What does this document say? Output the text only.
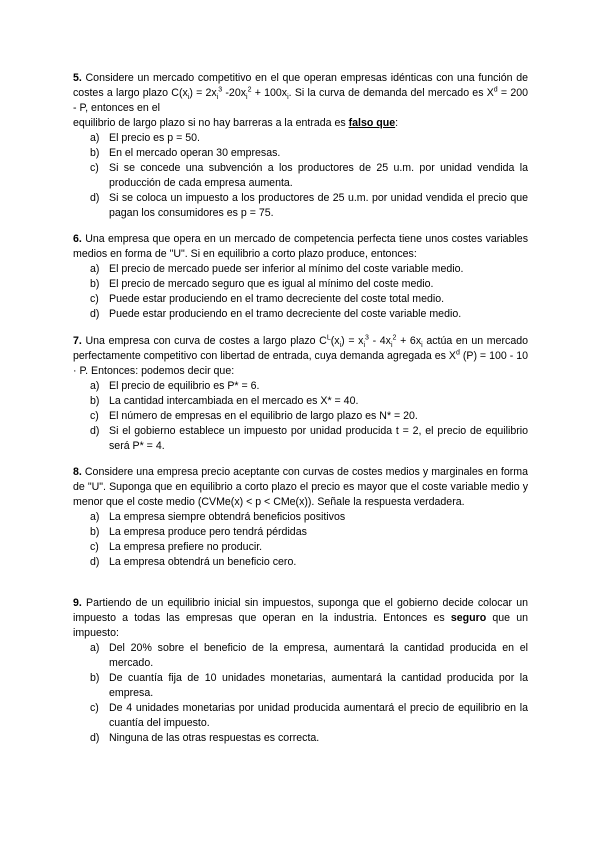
5. Considere un mercado competitivo en el que operan empresas idénticas con una función de costes a largo plazo $C(x_i) = 2x_i^3$ $-20x_i^2 + 100x_i$. Si la curva de demanda del mercado es $X^d = 200 - P$, entonces en el

equilibrio de largo plazo si no hay barreras a la entrada es falso que:

a) El precio es p = 50.
b) En el mercado operan 30 empresas.
c) Si se concede una subvención a los productores de 25 u.m. por unidad vendida la producción de cada empresa aumenta.
d) Si se coloca un impuesto a los productores de 25 u.m. por unidad vendida el precio que pagan los consumidores es p = 75.

6. Una empresa que opera en un mercado de competencia perfecta tiene unos costes variables medios en forma de "U". Si en equilibrio a corto plazo produce, entonces:

a) El precio de mercado puede ser inferior al mínimo del coste variable medio.
b) El precio de mercado seguro que es igual al mínimo del coste medio.
c) Puede estar produciendo en el tramo decreciente del coste total medio.
d) Puede estar produciendo en el tramo decreciente del coste variable medio.

7. Una empresa con curva de costes a largo plazo $C^L(x_i) = x_i^3 - 4x_i^2 + 6x_i$ actúa en un mercado perfectamente competitivo con libertad de entrada, cuya demanda agregada es $X^d$ (P) = 100 - 10 · P. Entonces: podemos decir que:

a) El precio de equilibrio es P* = 6.
b) La cantidad intercambiada en el mercado es X* = 40.
c) El número de empresas en el equilibrio de largo plazo es N* = 20.
d) Si el gobierno establece un impuesto por unidad producida t = 2, el precio de equilibrio será P* = 4.

8. Considere una empresa precio aceptante con curvas de costes medios y marginales en forma de "U". Suponga que en equilibrio a corto plazo el precio es mayor que el coste variable medio y menor que el coste medio (CVMe(x) < p < CMe(x)). Señale la respuesta verdadera.

a) La empresa siempre obtendrá beneficios positivos
b) La empresa produce pero tendrá pérdidas
c) La empresa prefiere no producir.
d) La empresa obtendrá un beneficio cero.

9. Partiendo de un equilibrio inicial sin impuestos, suponga que el gobierno decide colocar un impuesto a todas las empresas que operan en la industria. Entonces es seguro que un impuesto:

a) Del 20% sobre el beneficio de la empresa, aumentará la cantidad producida en el mercado.
b) De cuantía fija de 10 unidades monetarias, aumentará la cantidad producida por la empresa.
c) De 4 unidades monetarias por unidad producida aumentará el precio de equilibrio en la cuantía del impuesto.
d) Ninguna de las otras respuestas es correcta.
